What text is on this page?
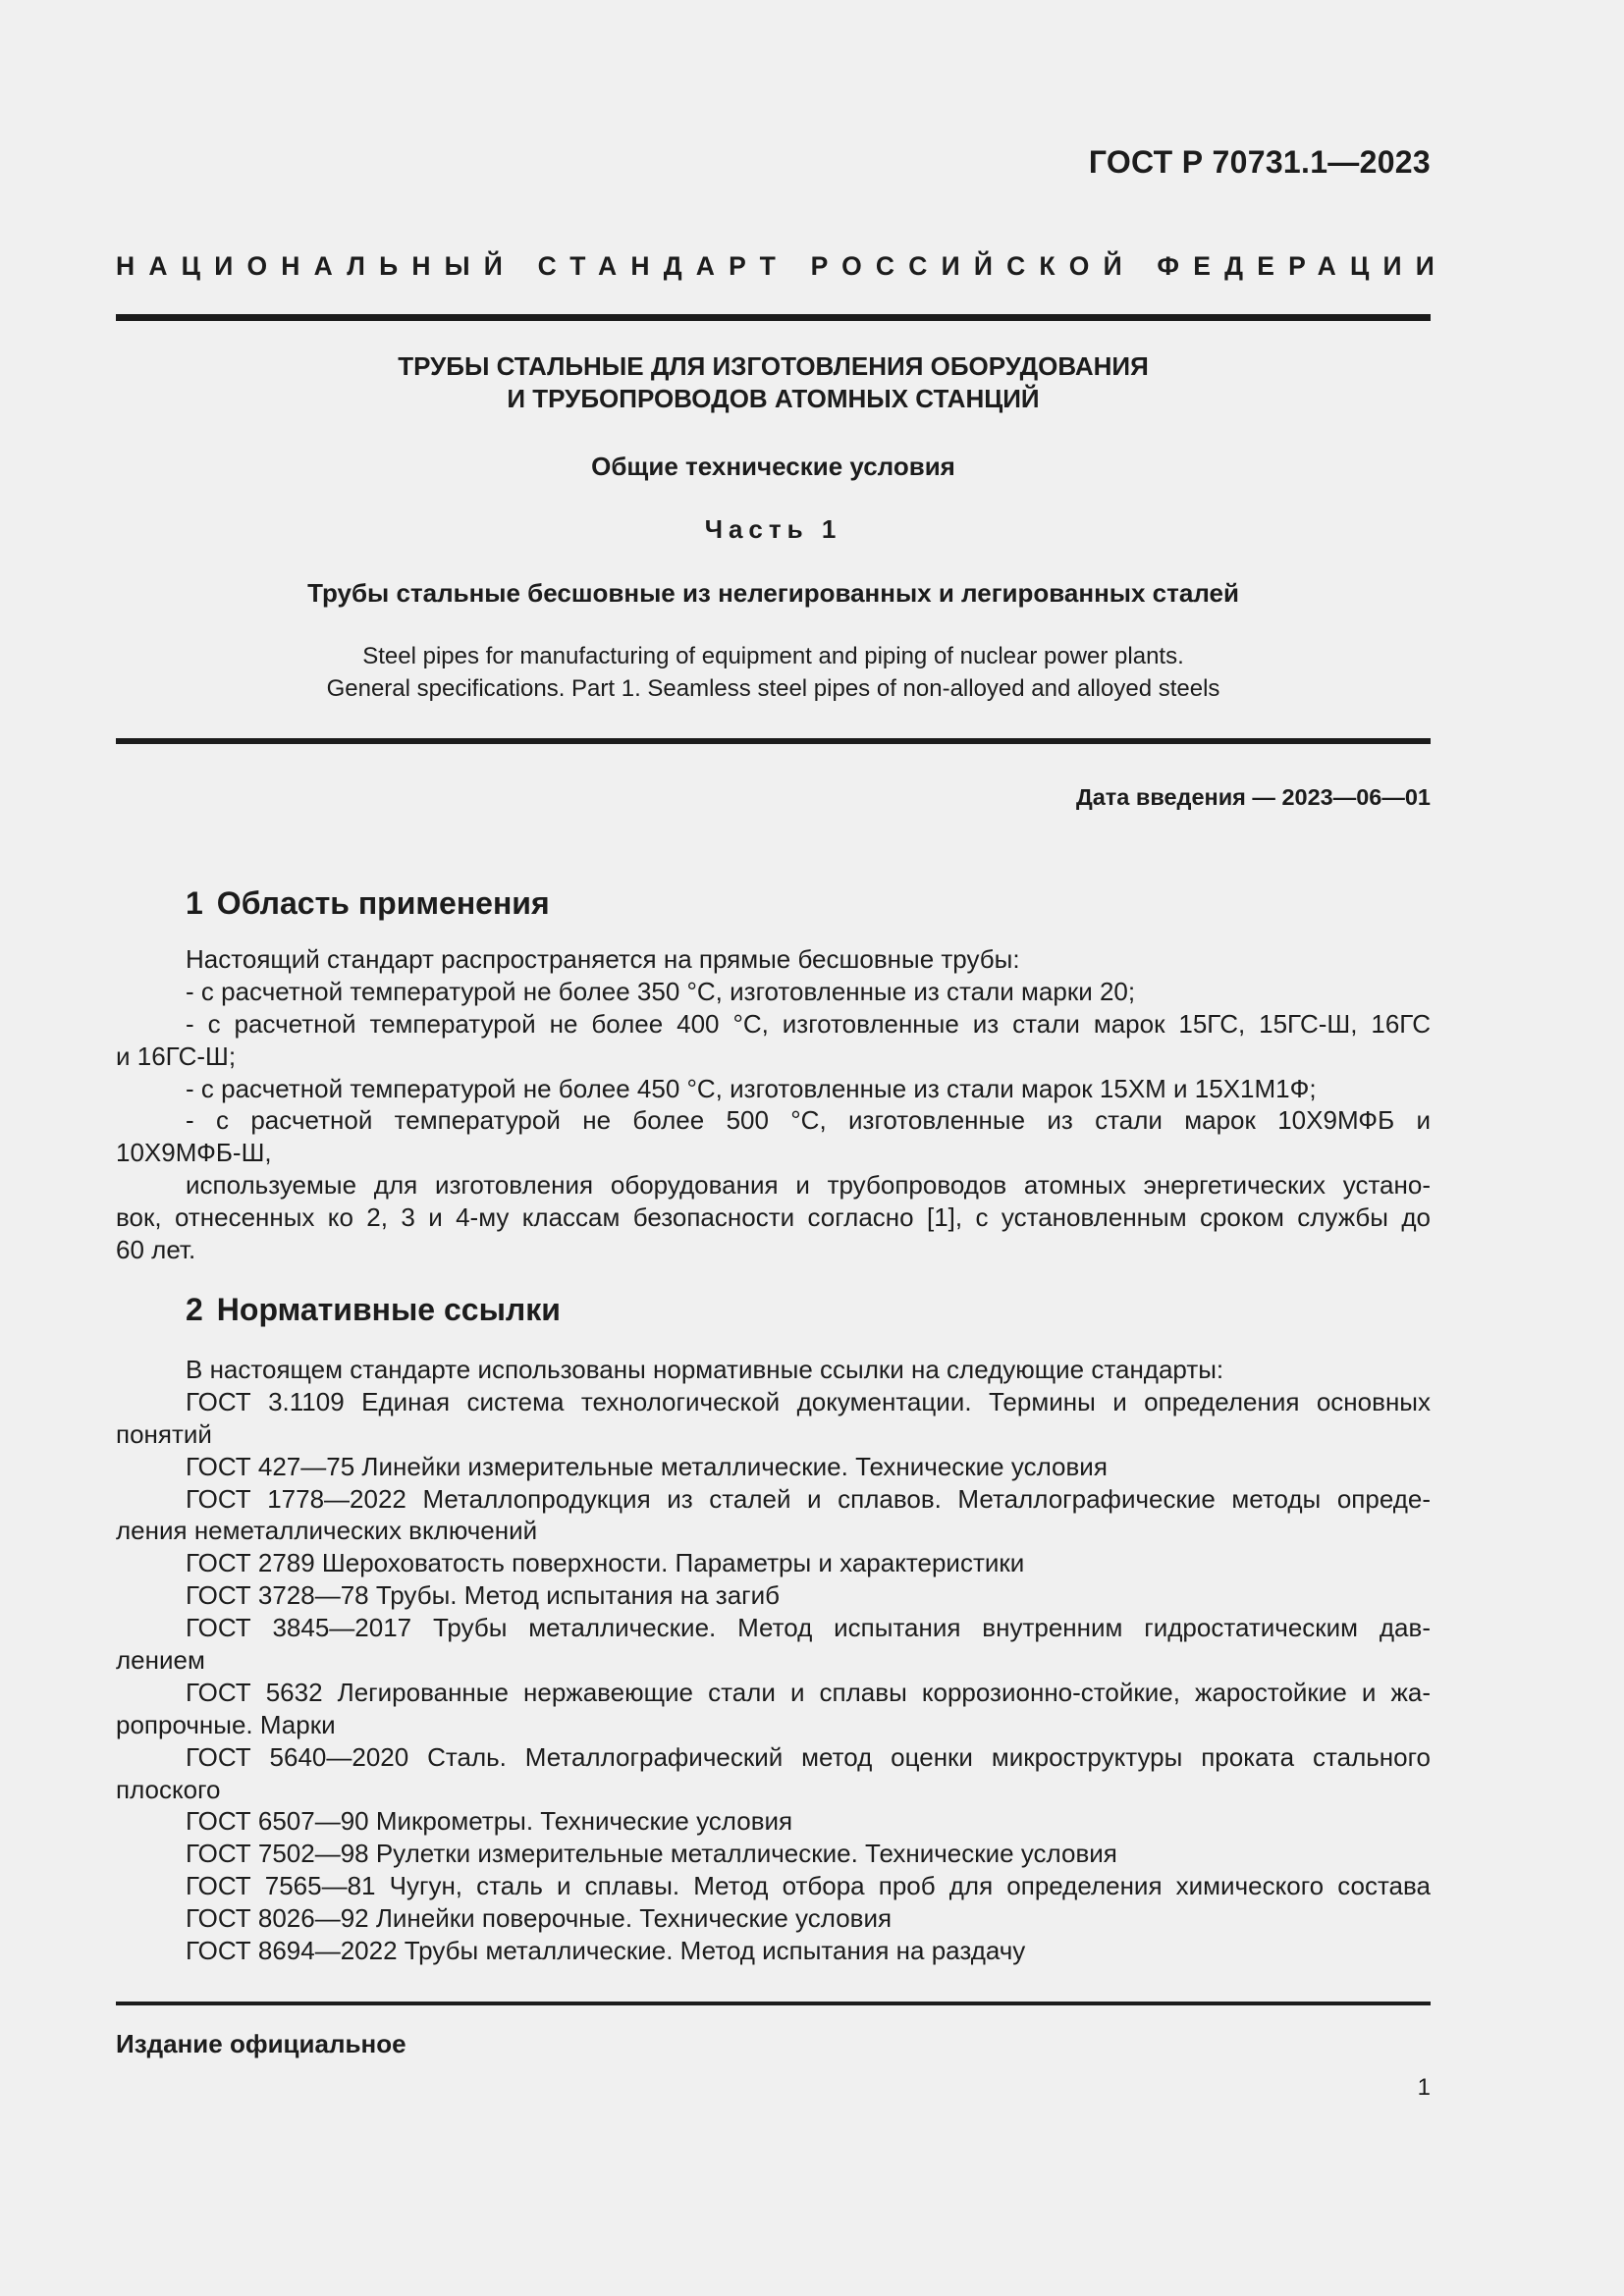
ГОСТ Р 70731.1—2023
НАЦИОНАЛЬНЫЙ СТАНДАРТ РОССИЙСКОЙ ФЕДЕРАЦИИ
ТРУБЫ СТАЛЬНЫЕ ДЛЯ ИЗГОТОВЛЕНИЯ ОБОРУДОВАНИЯ
И ТРУБОПРОВОДОВ АТОМНЫХ СТАНЦИЙ
Общие технические условия
Часть 1
Трубы стальные бесшовные из нелегированных и легированных сталей
Steel pipes for manufacturing of equipment and piping of nuclear power plants.
General specifications. Part 1. Seamless steel pipes of non-alloyed and alloyed steels
Дата введения — 2023—06—01
1 Область применения
Настоящий стандарт распространяется на прямые бесшовные трубы:
- с расчетной температурой не более 350 °С, изготовленные из стали марки 20;
- с расчетной температурой не более 400 °С, изготовленные из стали марок 15ГС, 15ГС-Ш, 16ГС
и 16ГС-Ш;
- с расчетной температурой не более 450 °С, изготовленные из стали марок 15ХМ и 15Х1М1Ф;
- с расчетной температурой не более 500 °С, изготовленные из стали марок 10Х9МФБ и
10Х9МФБ-Ш,
используемые для изготовления оборудования и трубопроводов атомных энергетических устано-
вок, отнесенных ко 2, 3 и 4-му классам безопасности согласно [1], с установленным сроком службы до
60 лет.
2 Нормативные ссылки
В настоящем стандарте использованы нормативные ссылки на следующие стандарты:
ГОСТ 3.1109 Единая система технологической документации. Термины и определения основных
понятий
ГОСТ 427—75 Линейки измерительные металлические. Технические условия
ГОСТ 1778—2022 Металлопродукция из сталей и сплавов. Металлографические методы опреде-
ления неметаллических включений
ГОСТ 2789 Шероховатость поверхности. Параметры и характеристики
ГОСТ 3728—78 Трубы. Метод испытания на загиб
ГОСТ 3845—2017 Трубы металлические. Метод испытания внутренним гидростатическим дав-
лением
ГОСТ 5632 Легированные нержавеющие стали и сплавы коррозионно-стойкие, жаростойкие и жа-
ропрочные. Марки
ГОСТ 5640—2020 Сталь. Металлографический метод оценки микроструктуры проката стального
плоского
ГОСТ 6507—90 Микрометры. Технические условия
ГОСТ 7502—98 Рулетки измерительные металлические. Технические условия
ГОСТ 7565—81 Чугун, сталь и сплавы. Метод отбора проб для определения химического состава
ГОСТ 8026—92 Линейки поверочные. Технические условия
ГОСТ 8694—2022 Трубы металлические. Метод испытания на раздачу
Издание официальное
1
